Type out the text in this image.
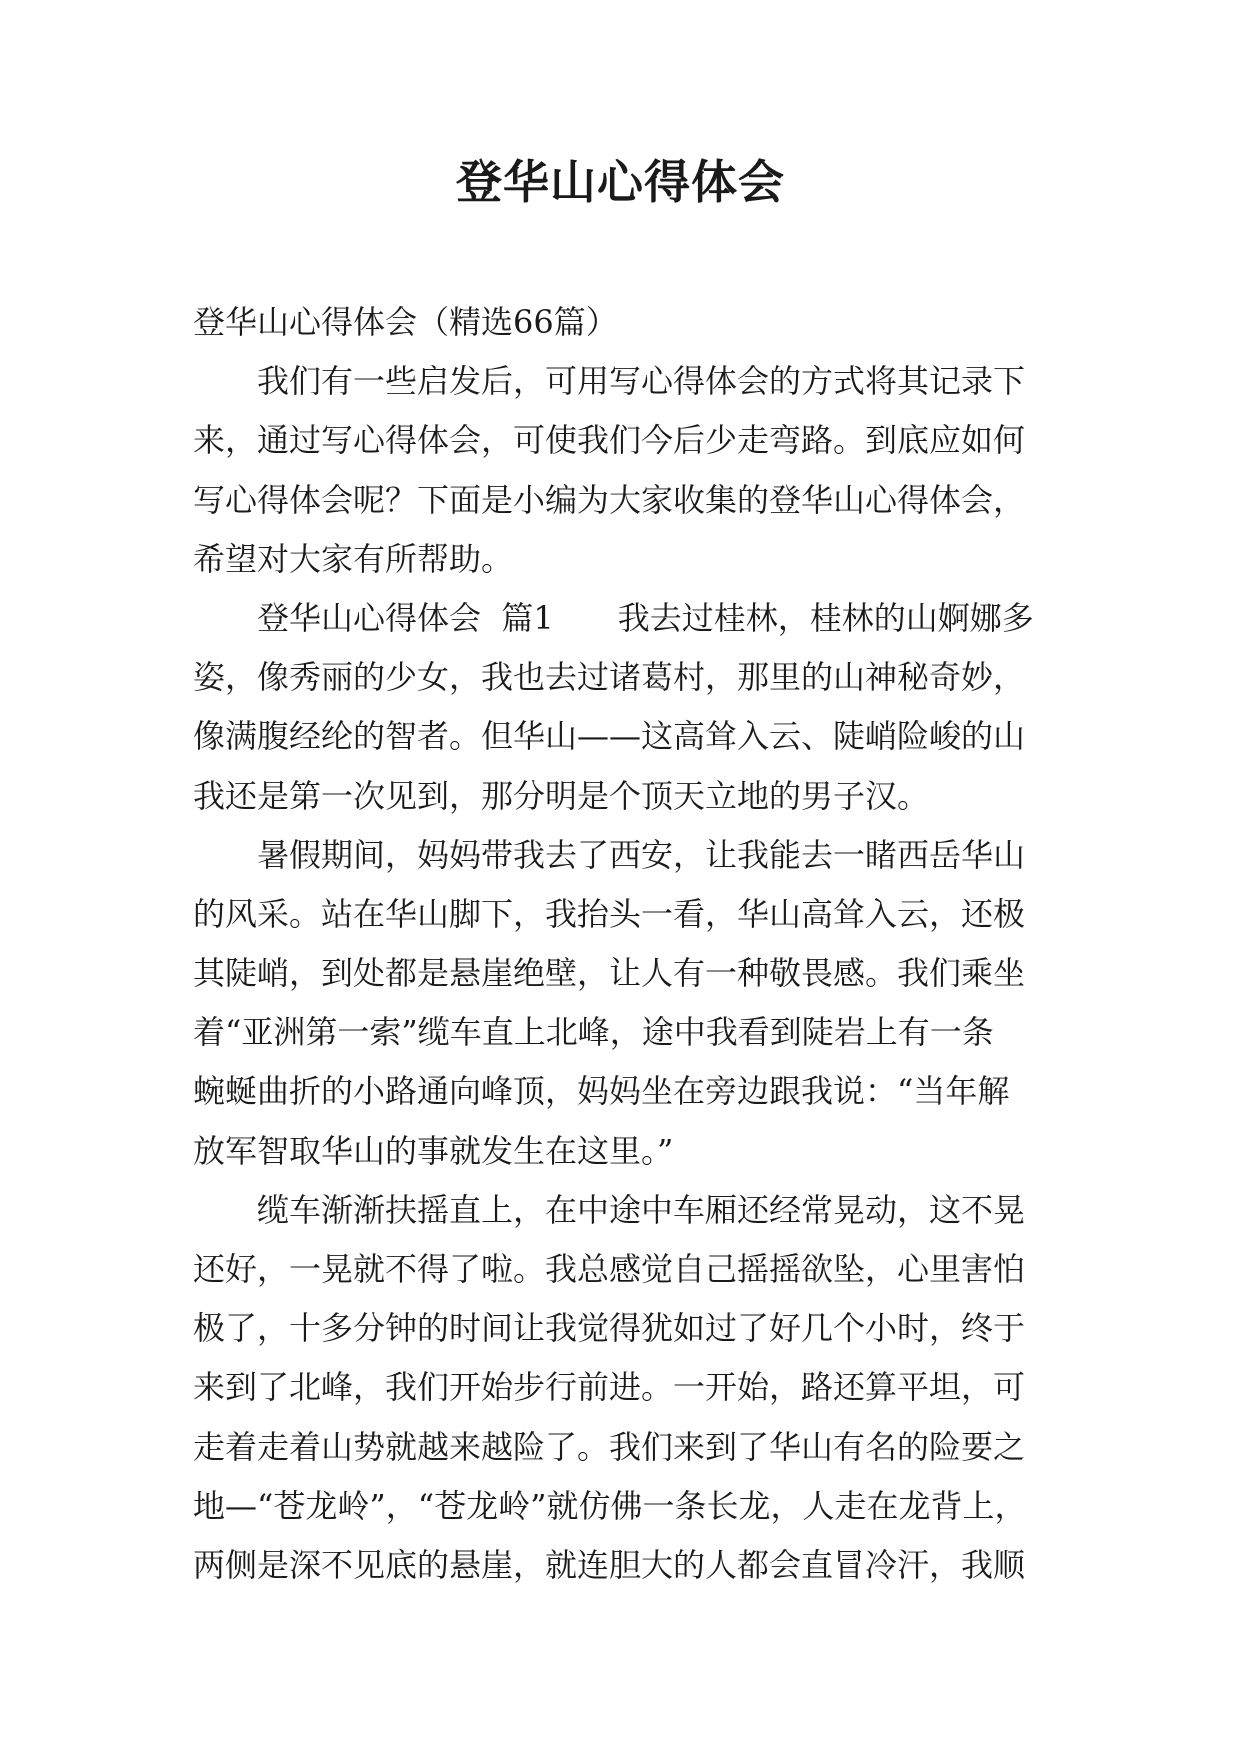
登华山心得体会
登华山心得体会（精选66篇）
　　我们有一些启发后，可用写心得体会的方式将其记录下
来，通过写心得体会，可使我们今后少走弯路。到底应如何
写心得体会呢？下面是小编为大家收集的登华山心得体会，
希望对大家有所帮助。
　　登华山心得体会  篇1　　我去过桂林，桂林的山婀娜多
姿，像秀丽的少女，我也去过诸葛村，那里的山神秘奇妙，
像满腹经纶的智者。但华山——这高耸入云、陡峭险峻的山
我还是第一次见到，那分明是个顶天立地的男子汉。
　　暑假期间，妈妈带我去了西安，让我能去一睹西岳华山
的风采。站在华山脚下，我抬头一看，华山高耸入云，还极
其陡峭，到处都是悬崖绝壁，让人有一种敬畏感。我们乘坐
着“亚洲第一索”缆车直上北峰，途中我看到陡岩上有一条
蜿蜒曲折的小路通向峰顶，妈妈坐在旁边跟我说：“当年解
放军智取华山的事就发生在这里。”
　　缆车渐渐扶摇直上，在中途中车厢还经常晃动，这不晃
还好，一晃就不得了啦。我总感觉自己摇摇欲坠，心里害怕
极了，十多分钟的时间让我觉得犹如过了好几个小时，终于
来到了北峰，我们开始步行前进。一开始，路还算平坦，可
走着走着山势就越来越险了。我们来到了华山有名的险要之
地—“苍龙岭”，“苍龙岭”就仿佛一条长龙，人走在龙背上，
两侧是深不见底的悬崖，就连胆大的人都会直冒冷汗，我顺
